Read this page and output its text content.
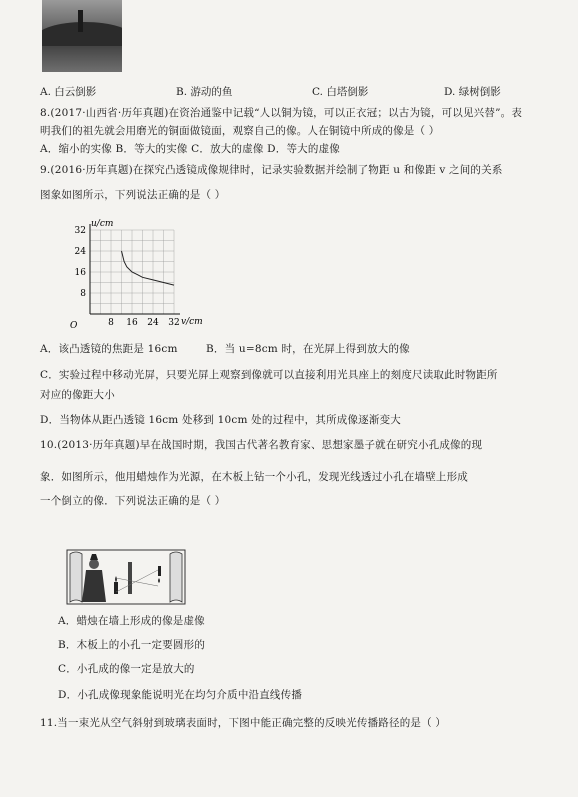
A. 白云倒影	B. 游动的鱼	C. 白塔倒影	D. 绿树倒影
8.(2017·山西省·历年真题)在资治通鉴中记载“人以铜为镜，可以正衣冠；以古为镜，可以见兴替”。表
明我们的祖先就会用磨光的铜面做镜面，观察自己的像。人在铜镜中所成的像是（ ）
A．缩小的实像 B．等大的实像 C．放大的虚像 D．等大的虚像
9.(2016·历年真题)在探究凸透镜成像规律时，记录实验数据并绘制了物距 u 和像距 v 之间的关系
图象如图所示，下列说法正确的是（ ）
8
16
24
32
8 16 24 32
u/cm
v/cm
O
A．该凸透镜的焦距是 16cm	B．当 u=8cm 时，在光屏上得到放大的像
C．实验过程中移动光屏，只要光屏上观察到像就可以直接利用光具座上的刻度尺读取此时物距所
对应的像距大小
D．当物体从距凸透镜 16cm 处移到 10cm 处的过程中，其所成像逐渐变大
10.(2013·历年真题)早在战国时期，我国古代著名教育家、思想家墨子就在研究小孔成像的现
象．如图所示，他用蜡烛作为光源，在木板上钻一个小孔，发现光线透过小孔在墙壁上形成
一个倒立的像．下列说法正确的是（ ）
A．蜡烛在墙上形成的像是虚像
B．木板上的小孔一定要圆形的
C．小孔成的像一定是放大的
D．小孔成像现象能说明光在均匀介质中沿直线传播
11.当一束光从空气斜射到玻璃表面时，下图中能正确完整的反映光传播路径的是（ ）
